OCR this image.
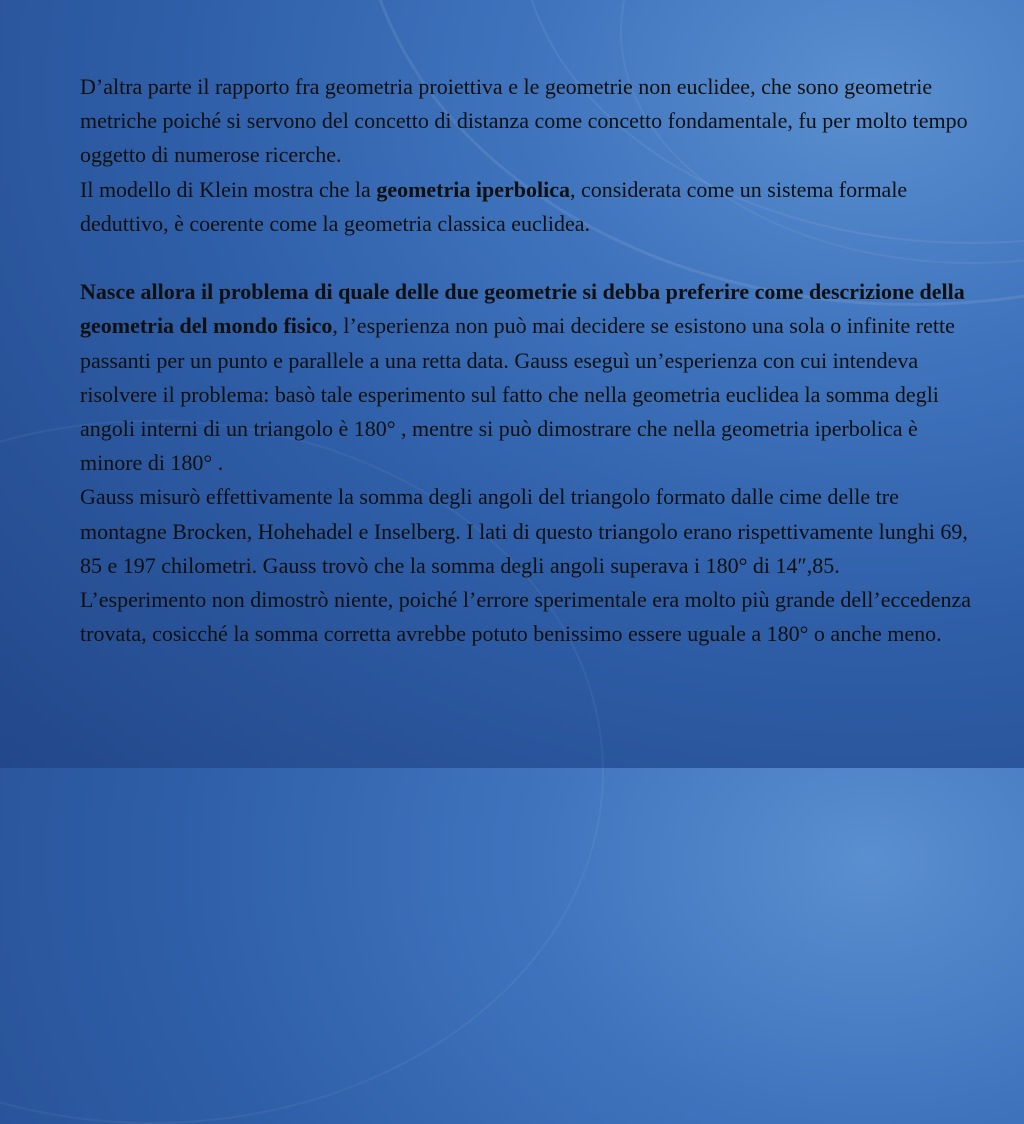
D’altra parte il rapporto fra geometria proiettiva e le geometrie non euclidee, che sono geometrie metriche poiché si servono del concetto di distanza come concetto fondamentale, fu per molto tempo oggetto di numerose ricerche.

Il modello di Klein mostra che la geometria iperbolica, considerata come un sistema formale deduttivo, è coerente come la geometria classica euclidea.

Nasce allora il problema di quale delle due geometrie si debba preferire come descrizione della geometria del mondo fisico, l’esperienza non può mai decidere se esistono una sola o infinite rette passanti per un punto e parallele a una retta data. Gauss eseguì un’esperienza con cui intendeva risolvere il problema: basò tale esperimento sul fatto che nella geometria euclidea la somma degli angoli interni di un triangolo è 180° , mentre si può dimostrare che nella geometria iperbolica è minore di 180° .

Gauss misurò effettivamente la somma degli angoli del triangolo formato dalle cime delle tre montagne Brocken, Hohehadel e Inselberg. I lati di questo triangolo erano rispettivamente lunghi 69, 85 e 197 chilometri. Gauss trovò che la somma degli angoli superava i 180° di 14″,85.

L’esperimento non dimostrò niente, poiché l’errore sperimentale era molto più grande dell’eccedenza trovata, cosicché la somma corretta avrebbe potuto benissimo essere uguale a 180° o anche meno.
